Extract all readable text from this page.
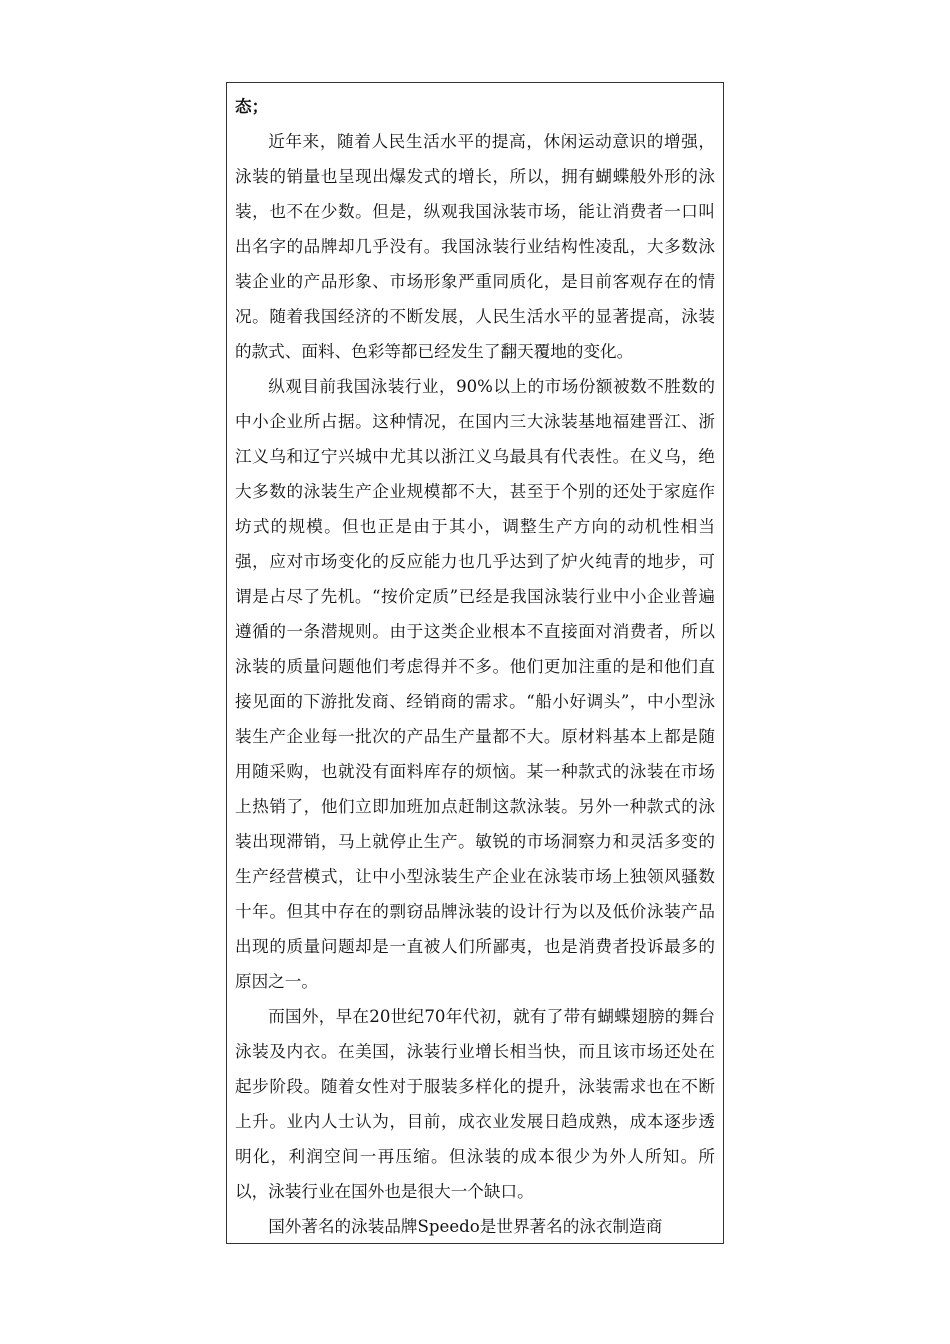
态；

近年来，随着人民生活水平的提高，休闲运动意识的增强，泳装的销量也呈现出爆发式的增长，所以，拥有蝴蝶般外形的泳装，也不在少数。但是，纵观我国泳装市场，能让消费者一口叫出名字的品牌却几乎没有。我国泳装行业结构性凌乱，大多数泳装企业的产品形象、市场形象严重同质化，是目前客观存在的情况。随着我国经济的不断发展，人民生活水平的显著提高，泳装的款式、面料、色彩等都已经发生了翻天覆地的变化。

纵观目前我国泳装行业，90%以上的市场份额被数不胜数的中小企业所占据。这种情况，在国内三大泳装基地福建晋江、浙江义乌和辽宁兴城中尤其以浙江义乌最具有代表性。在义乌，绝大多数的泳装生产企业规模都不大，甚至于个别的还处于家庭作坊式的规模。但也正是由于其小，调整生产方向的动机性相当强，应对市场变化的反应能力也几乎达到了炉火纯青的地步，可谓是占尽了先机。“按价定质”已经是我国泳装行业中小企业普遍遵循的一条潜规则。由于这类企业根本不直接面对消费者，所以泳装的质量问题他们考虑得并不多。他们更加注重的是和他们直接见面的下游批发商、经销商的需求。“船小好调头”，中小型泳装生产企业每一批次的产品生产量都不大。原材料基本上都是随用随采购，也就没有面料库存的烦恼。某一种款式的泳装在市场上热销了，他们立即加班加点赶制这款泳装。另外一种款式的泳装出现滞销，马上就停止生产。敏锐的市场洞察力和灵活多变的生产经营模式，让中小型泳装生产企业在泳装市场上独领风骚数十年。但其中存在的剽窃品牌泳装的设计行为以及低价泳装产品出现的质量问题却是一直被人们所鄙夷，也是消费者投诉最多的原因之一。

而国外，早在20世纪70年代初，就有了带有蝴蝶翅膀的舞台泳装及内衣。在美国，泳装行业增长相当快，而且该市场还处在起步阶段。随着女性对于服装多样化的提升，泳装需求也在不断上升。业内人士认为，目前，成衣业发展日趋成熟，成本逐步透明化，利润空间一再压缩。但泳装的成本很少为外人所知。所以，泳装行业在国外也是很大一个缺口。

国外著名的泳装品牌Speedo是世界著名的泳衣制造商
